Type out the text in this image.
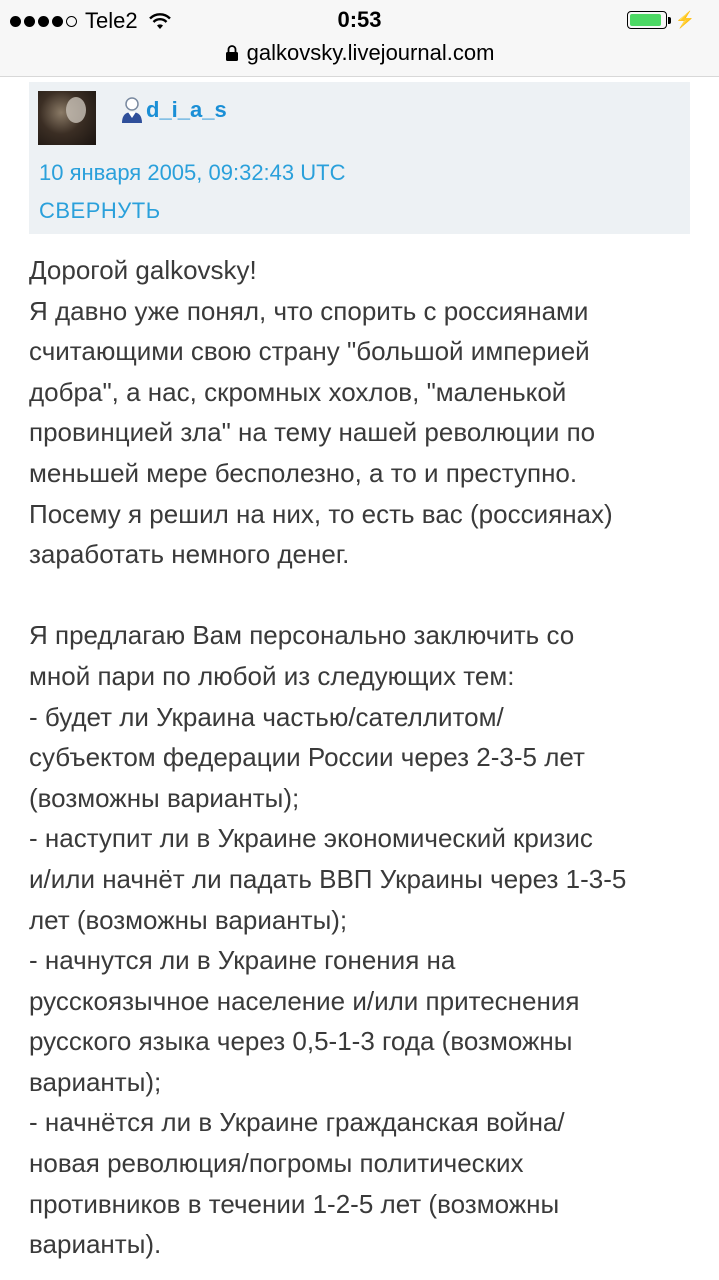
Tele2	0:53	⚡
galkovsky.livejournal.com
d_i_a_s
10 января 2005, 09:32:43 UTC
СВЕРНУТЬ
Дорогой galkovsky!
Я давно уже понял, что спорить с россиянами
считающими свою страну "большой империей
добра", а нас, скромных хохлов, "маленькой
провинцией зла" на тему нашей революции по
меньшей мере бесполезно, а то и преступно.
Посему я решил на них, то есть вас (россиянах)
заработать немного денег.
Я предлагаю Вам персонально заключить со
мной пари по любой из следующих тем:
- будет ли Украина частью/сателлитом/
субъектом федерации России через 2-3-5 лет
(возможны варианты);
- наступит ли в Украине экономический кризис
и/или начнёт ли падать ВВП Украины через 1-3-5
лет (возможны варианты);
- начнутся ли в Украине гонения на
русскоязычное население и/или притеснения
русского языка через 0,5-1-3 года (возможны
варианты);
- начнётся ли в Украине гражданская война/
новая революция/погромы политических
противников в течении 1-2-5 лет (возможны
варианты).
